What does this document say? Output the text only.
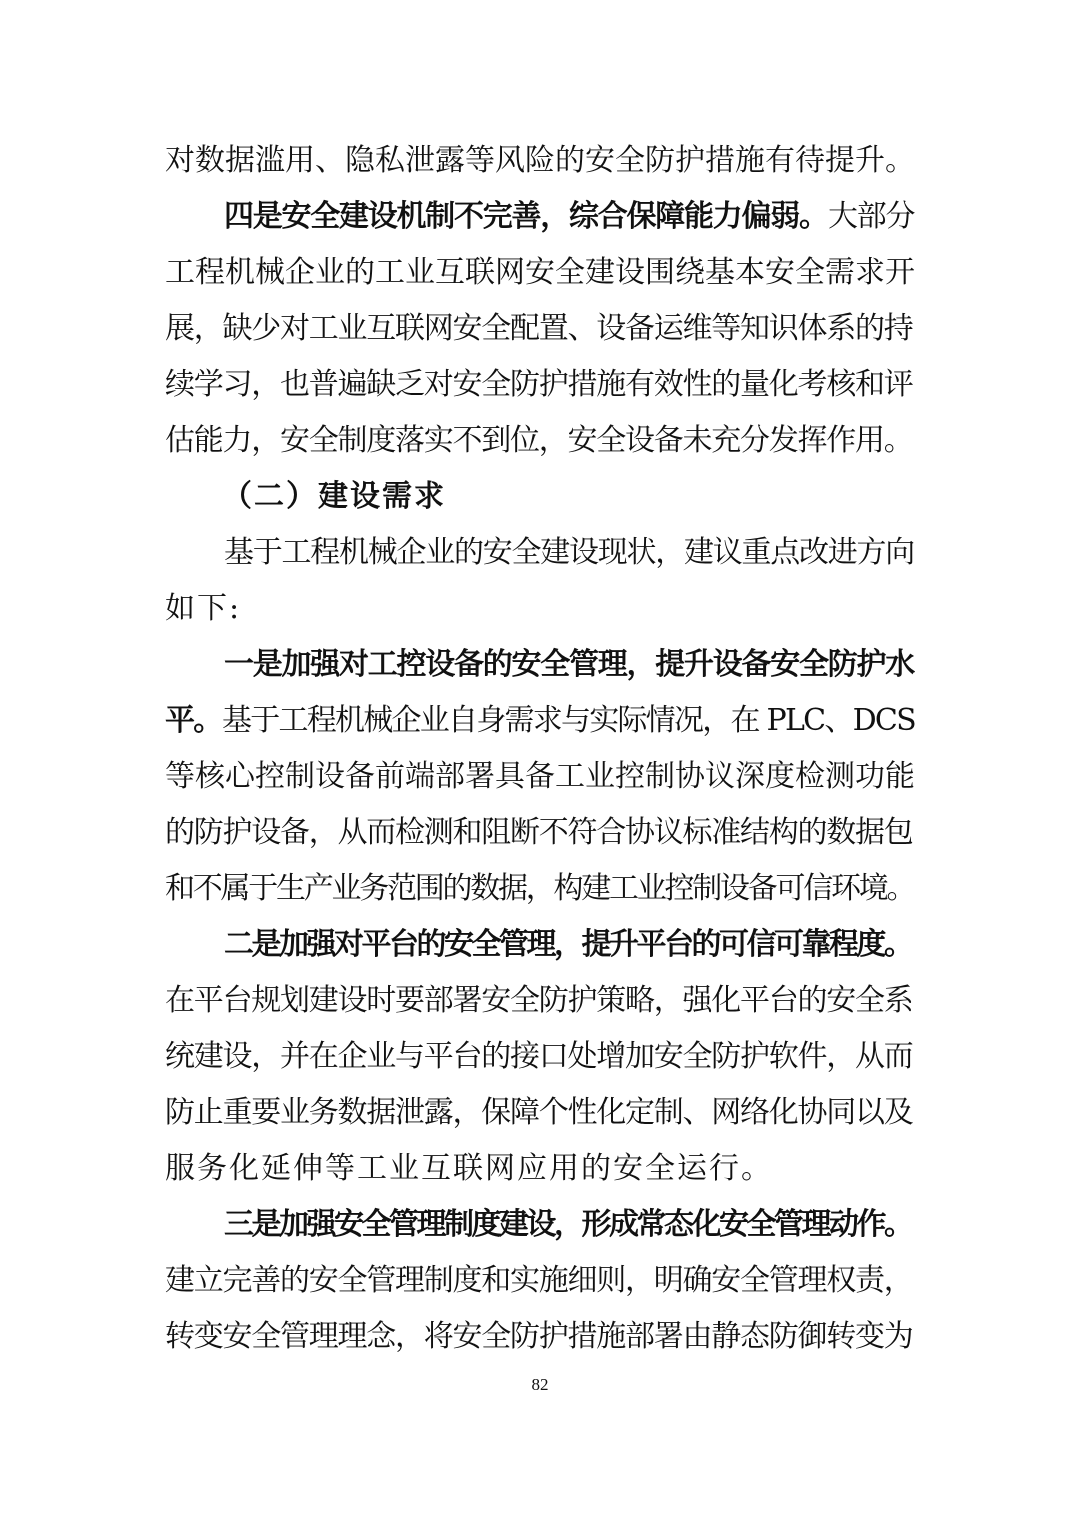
对数据滥用、隐私泄露等风险的安全防护措施有待提升。
四是安全建设机制不完善，综合保障能力偏弱。 大部分
工程机械企业的工业互联网安全建设围绕基本安全需求开
展，缺少对工业互联网安全配置、设备运维等知识体系的持
续学习，也普遍缺乏对安全防护措施有效性的量化考核和评
估能力，安全制度落实不到位，安全设备未充分发挥作用。
（二）建设需求
基于工程机械企业的安全建设现状，建议重点改进方向
如下:
一是加强对工控设备的安全管理，提升设备安全防护水
平。 基于工程机械企业自身需求与实际情况，在 PLC、DCS
等核心控制设备前端部署具备工业控制协议深度检测功能
的防护设备，从而检测和阻断不符合协议标准结构的数据包
和不属于生产业务范围的数据，构建工业控制设备可信环境。
二是加强对平台的安全管理，提升平台的可信可靠程度。
在平台规划建设时要部署安全防护策略，强化平台的安全系
统建设，并在企业与平台的接口处增加安全防护软件，从而
防止重要业务数据泄露，保障个性化定制、网络化协同以及
服务化延伸等工业互联网应用的安全运行。
三是加强安全管理制度建设，形成常态化安全管理动作。
建立完善的安全管理制度和实施细则，明确安全管理权责，
转变安全管理理念，将安全防护措施部署由静态防御转变为
82
